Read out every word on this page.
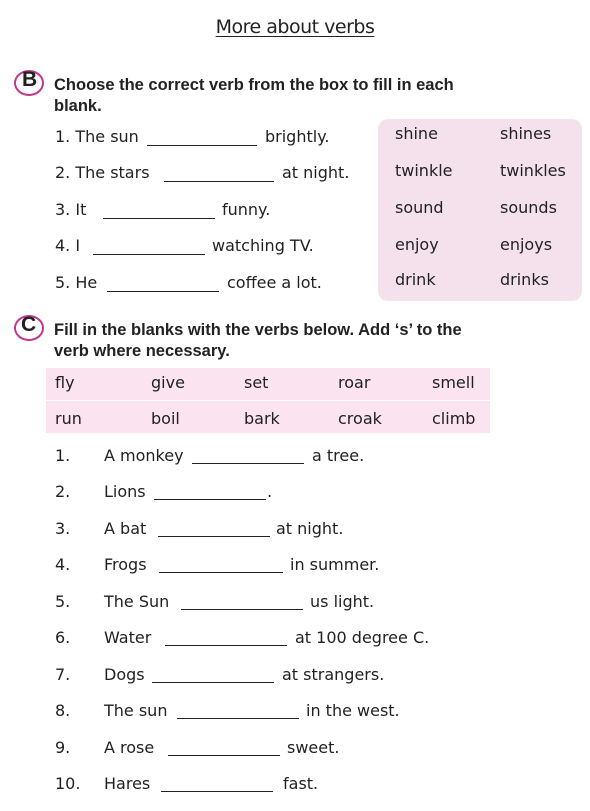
More about verbs
B Choose the correct verb from the box to fill in each
blank.
1. The sun	brightly.
2. The stars	at night.
3. It	funny.
4. I	watching TV.
5. He	coffee a lot.
shine	shines
twinkle	twinkles
sound	sounds
enjoy	enjoys
drink	drinks
C Fill in the blanks with the verbs below. Add ‘s’ to the
verb where necessary.
fly	give	set	roar	smell
run	boil	bark	croak	climb
1. A monkey	a tree.
2. Lions	.
3. A bat	at night.
4. Frogs	in summer.
5. The Sun	us light.
6. Water	at 100 degree C.
7. Dogs	at strangers.
8. The sun	in the west.
9. A rose	sweet.
10. Hares	fast.
